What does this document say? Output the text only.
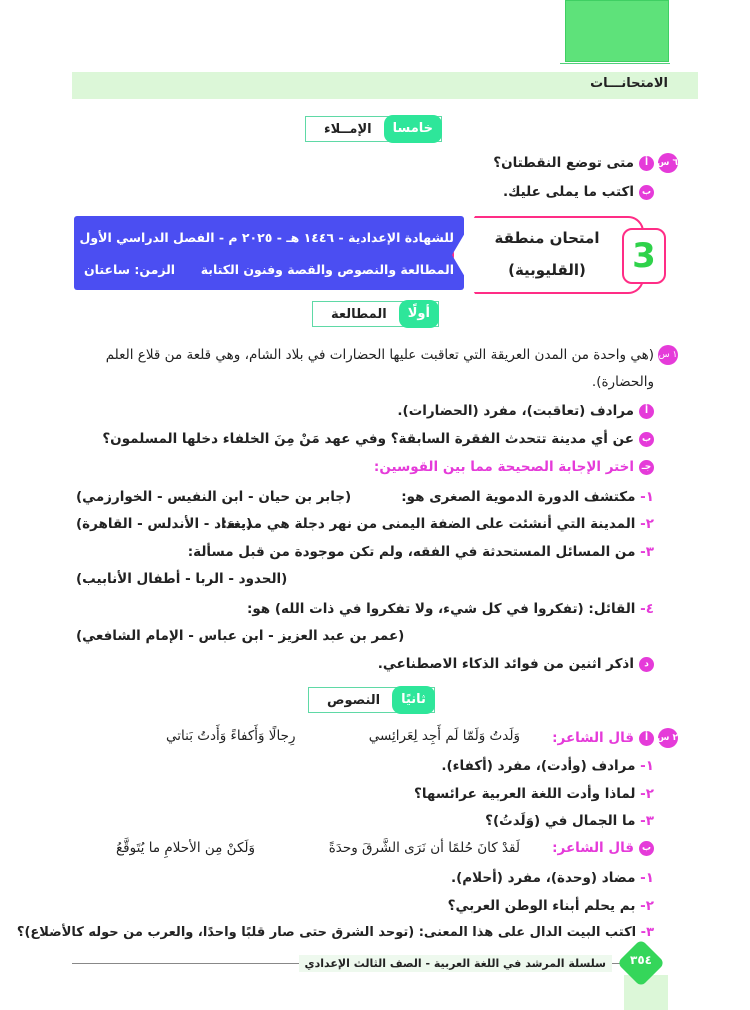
الامتحانـــات
خامسا
الإمــلاء
٦ سأمتى توضع النقطتان؟
باكتب ما يملى عليك.
للشهادة الإعدادية - ١٤٤٦ هـ - ٢٠٢٥ م - الفصل الدراسي الأول
المطالعة والنصوص والقصة وفنون الكتابة
الزمن: ساعتان
امتحان منطقة
(القليوبية)	3
أولًا
المطالعة
١ س(هي واحدة من المدن العريقة التي تعاقبت عليها الحضارات في بلاد الشام، وهي قلعة من قلاع العلم
والحضارة).
أمرادف (تعاقبت)، مفرد (الحضارات).
بعن أي مدينة تتحدث الفقرة السابقة؟ وفي عهد مَنْ مِنَ الخلفاء دخلها المسلمون؟
جـاختر الإجابة الصحيحة مما بين القوسين:
١- مكتشف الدورة الدموية الصغرى هو:
(جابر بن حيان - ابن النفيس - الخوارزمي)
٢- المدينة التي أنشئت على الضفة اليمنى من نهر دجلة هي مدينة:
(بغداد - الأندلس - القاهرة)
٣- من المسائل المستحدثة في الفقه، ولم تكن موجودة من قبل مسألة:
(الحدود - الربا - أطفال الأنابيب)
٤- القائل: (تفكروا في كل شيء، ولا تفكروا في ذات الله) هو:
(عمر بن عبد العزيز - ابن عباس - الإمام الشافعي)
داذكر اثنين من فوائد الذكاء الاصطناعي.
ثانيًا
النصوص
٢ سأقال الشاعر:
وَلَدتُ وَلَمّا لَم أَجِد لِعَرائِسي
رِجالًا وَأَكفاءً وَأَدتُ بَناتي
١- مرادف (وأدت)، مفرد (أكفاء).
٢- لماذا وأدت اللغة العربية عرائسها؟
٣- ما الجمال في (وَلَدتُ)؟
بقال الشاعر:
لَقدْ كانَ حُلمًا أن نَرَى الشَّرقَ وحدَةً
وَلَكنْ مِن الأحلامِ ما يُتَوقَّعُ
١- مضاد (وحدة)، مفرد (أحلام).
٢- بم يحلم أبناء الوطن العربي؟
٣- اكتب البيت الدال على هذا المعنى: (توحد الشرق حتى صار قلبًا واحدًا، والعرب من حوله كالأضلاع)؟
سلسلة المرشد في اللغة العربية - الصف الثالث الإعدادي	٣٥٤
